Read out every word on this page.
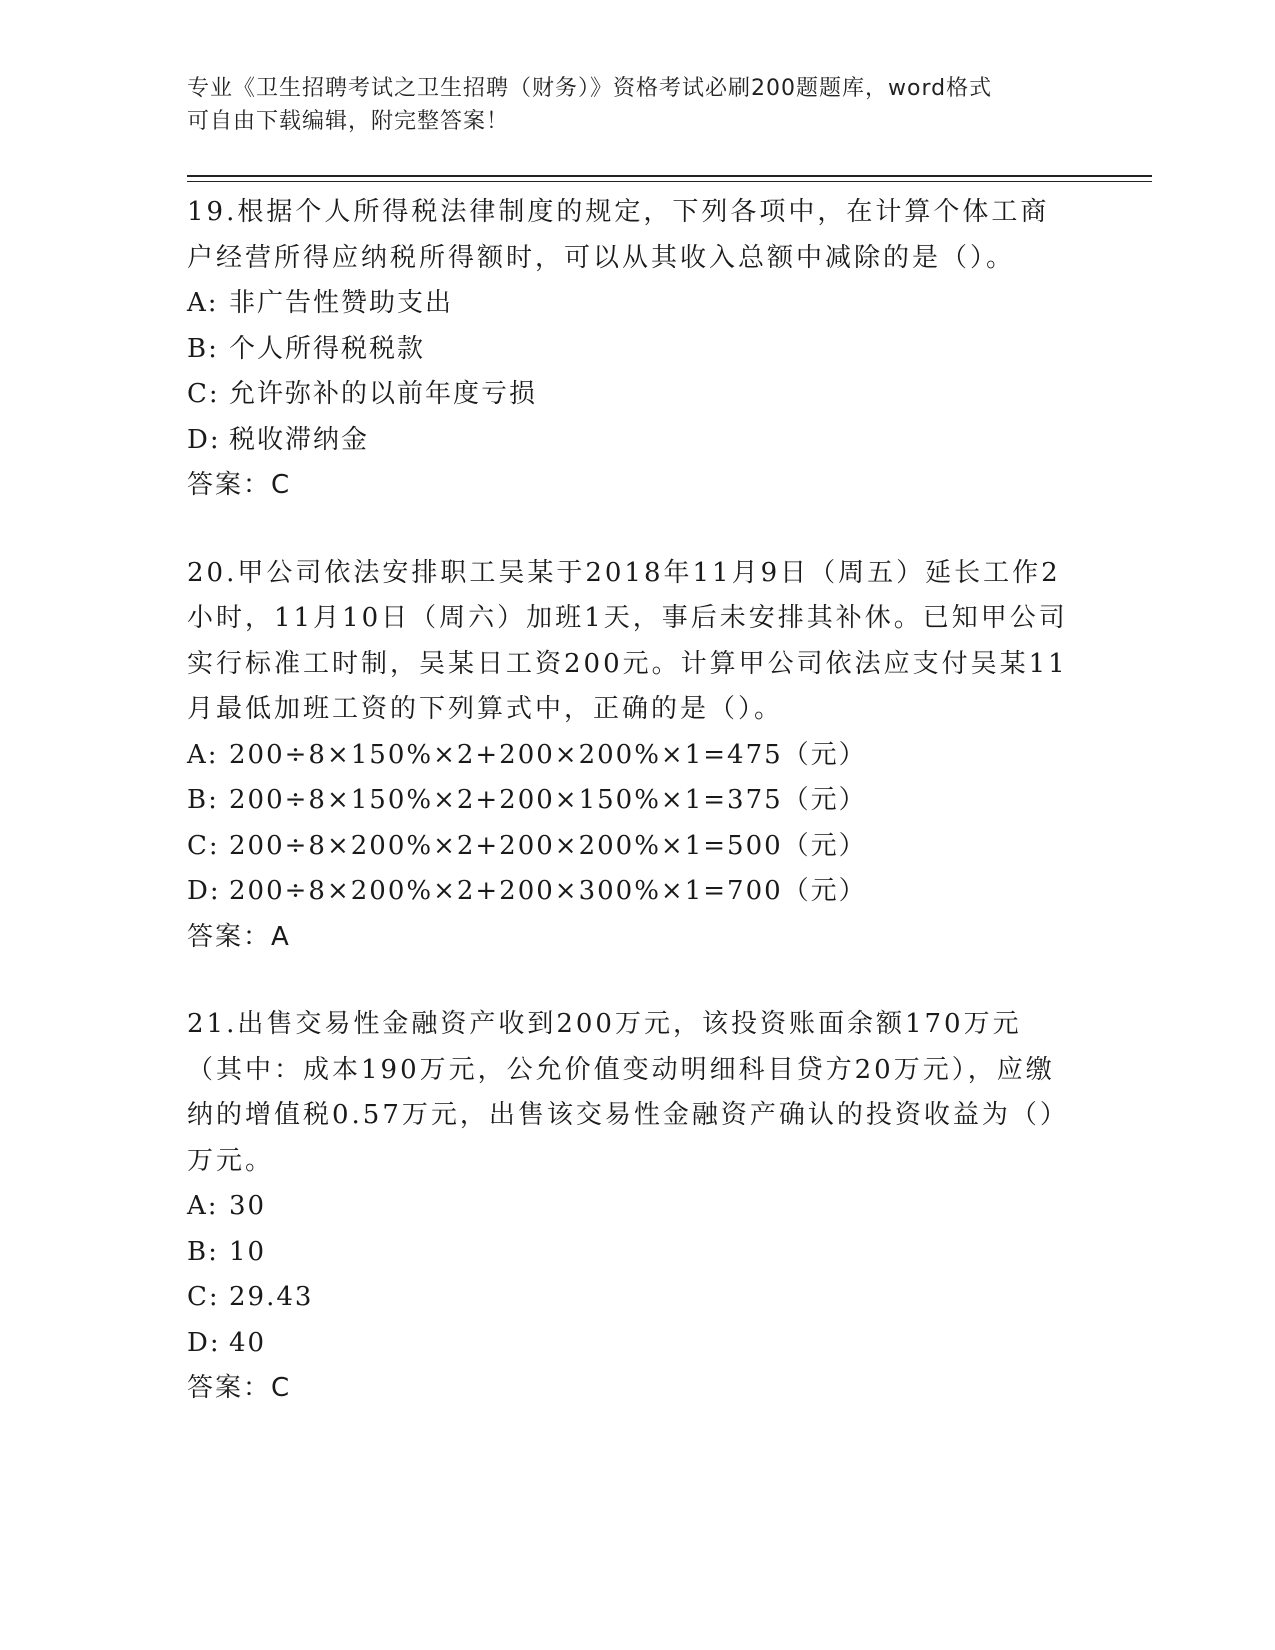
专业《卫生招聘考试之卫生招聘（财务）》资格考试必刷200题题库，word格式
可自由下载编辑，附完整答案！

19.根据个人所得税法律制度的规定，下列各项中，在计算个体工商户经营所得应纳税所得额时，可以从其收入总额中减除的是（）。

A: 非广告性赞助支出
B: 个人所得税税款
C: 允许弥补的以前年度亏损
D: 税收滞纳金

答案：C

20.甲公司依法安排职工吴某于2018年11月9日（周五）延长工作2小时，11月10日（周六）加班1天，事后未安排其补休。已知甲公司实行标准工时制，吴某日工资200元。计算甲公司依法应支付吴某11月最低加班工资的下列算式中，正确的是（）。

A: 200÷8×150%×2+200×200%×1=475（元）
B: 200÷8×150%×2+200×150%×1=375（元）
C: 200÷8×200%×2+200×200%×1=500（元）
D: 200÷8×200%×2+200×300%×1=700（元）

答案：A

21.出售交易性金融资产收到200万元，该投资账面余额170万元（其中：成本190万元，公允价值变动明细科目贷方20万元），应缴纳的增值税0.57万元，出售该交易性金融资产确认的投资收益为（）万元。

A: 30
B: 10
C: 29.43
D: 40

答案：C
